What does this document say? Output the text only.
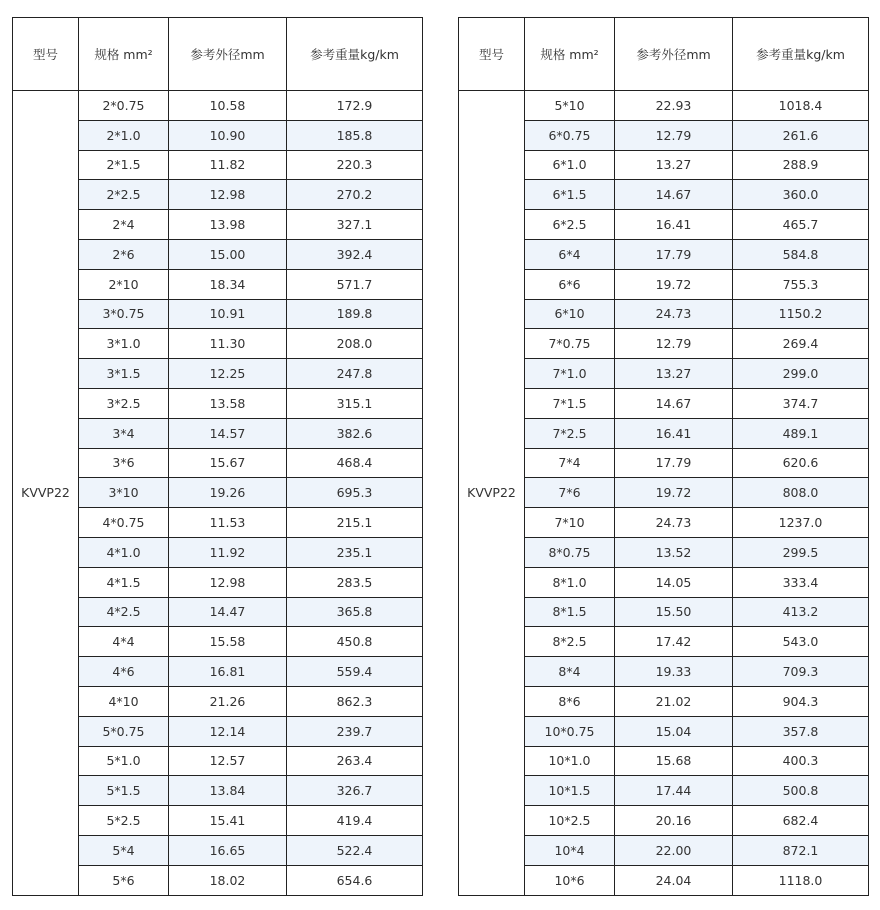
型号	规格 mm²	参考外径mm	参考重量kg/km
KVVP22	2*0.75	10.58	172.9
	2*1.0	10.90	185.8
	2*1.5	11.82	220.3
	2*2.5	12.98	270.2
	2*4	13.98	327.1
	2*6	15.00	392.4
	2*10	18.34	571.7
	3*0.75	10.91	189.8
	3*1.0	11.30	208.0
	3*1.5	12.25	247.8
	3*2.5	13.58	315.1
	3*4	14.57	382.6
	3*6	15.67	468.4
	3*10	19.26	695.3
	4*0.75	11.53	215.1
	4*1.0	11.92	235.1
	4*1.5	12.98	283.5
	4*2.5	14.47	365.8
	4*4	15.58	450.8
	4*6	16.81	559.4
	4*10	21.26	862.3
	5*0.75	12.14	239.7
	5*1.0	12.57	263.4
	5*1.5	13.84	326.7
	5*2.5	15.41	419.4
	5*4	16.65	522.4
	5*6	18.02	654.6
型号	规格 mm²	参考外径mm	参考重量kg/km
KVVP22	5*10	22.93	1018.4
	6*0.75	12.79	261.6
	6*1.0	13.27	288.9
	6*1.5	14.67	360.0
	6*2.5	16.41	465.7
	6*4	17.79	584.8
	6*6	19.72	755.3
	6*10	24.73	1150.2
	7*0.75	12.79	269.4
	7*1.0	13.27	299.0
	7*1.5	14.67	374.7
	7*2.5	16.41	489.1
	7*4	17.79	620.6
	7*6	19.72	808.0
	7*10	24.73	1237.0
	8*0.75	13.52	299.5
	8*1.0	14.05	333.4
	8*1.5	15.50	413.2
	8*2.5	17.42	543.0
	8*4	19.33	709.3
	8*6	21.02	904.3
	10*0.75	15.04	357.8
	10*1.0	15.68	400.3
	10*1.5	17.44	500.8
	10*2.5	20.16	682.4
	10*4	22.00	872.1
	10*6	24.04	1118.0
